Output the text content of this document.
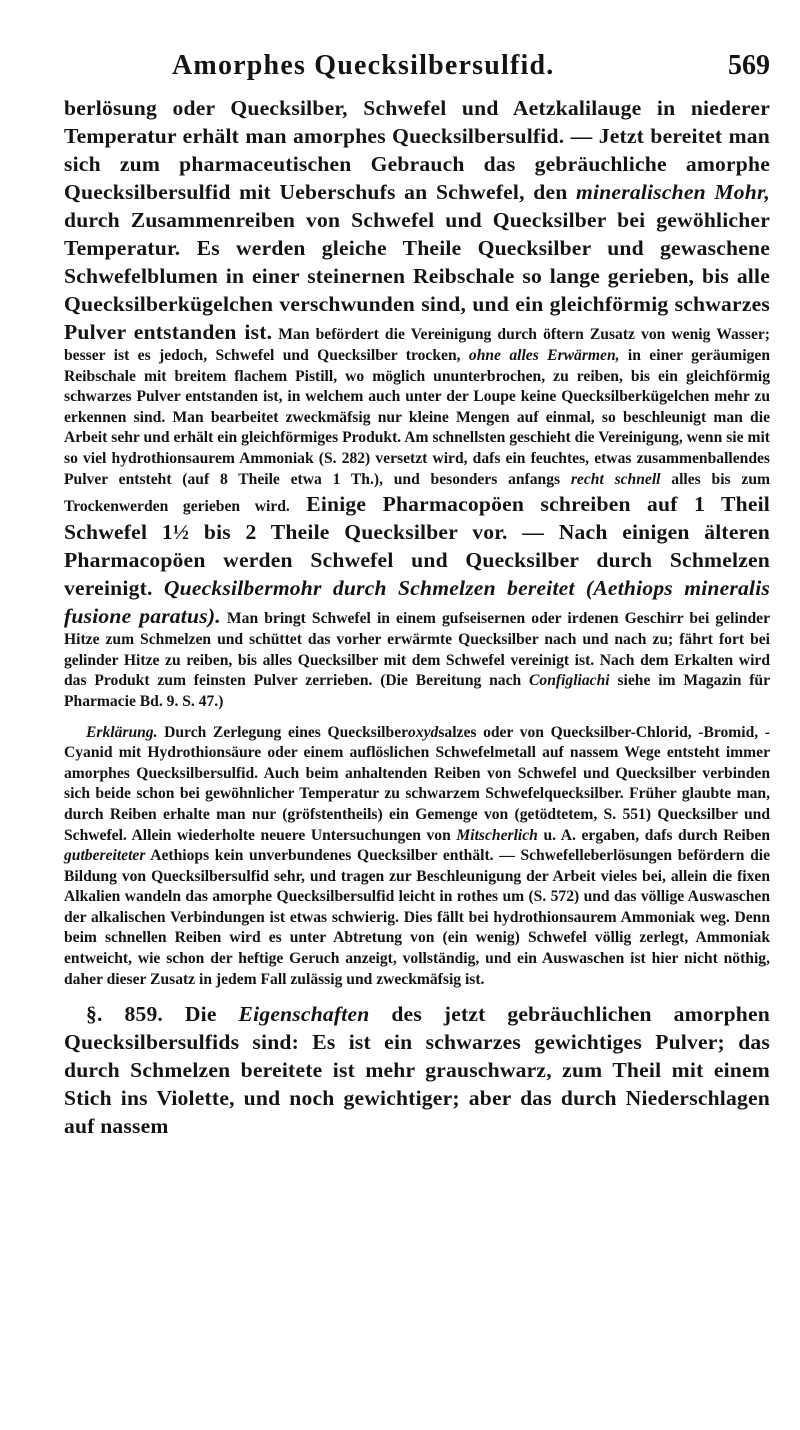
Amorphes Quecksilbersulfid.	569

berlösung oder Quecksilber, Schwefel und Aetzkalilauge in niederer Temperatur erhält man amorphes Quecksilbersulfid. — Jetzt bereitet man sich zum pharmaceutischen Gebrauch das gebräuchliche amorphe Quecksilbersulfid mit Ueberschufs an Schwefel, den mineralischen Mohr, durch Zusammenreiben von Schwefel und Quecksilber bei gewöhlicher Temperatur. Es werden gleiche Theile Quecksilber und gewaschene Schwefelblumen in einer steinernen Reibschale so lange gerieben, bis alle Quecksilberkügelchen verschwunden sind, und ein gleichförmig schwarzes Pulver entstanden ist. Man befördert die Vereinigung durch öftern Zusatz von wenig Wasser; besser ist es jedoch, Schwefel und Quecksilber trocken, ohne alles Erwärmen, in einer geräumigen Reibschale mit breitem flachem Pistill, wo möglich ununterbrochen, zu reiben, bis ein gleichförmig schwarzes Pulver entstanden ist, in welchem auch unter der Loupe keine Quecksilberkügelchen mehr zu erkennen sind. Man bearbeitet zweckmäfsig nur kleine Mengen auf einmal, so beschleunigt man die Arbeit sehr und erhält ein gleichförmiges Produkt. Am schnellsten geschieht die Vereinigung, wenn sie mit so viel hydrothionsaurem Ammoniak (S. 282) versetzt wird, dafs ein feuchtes, etwas zusammenballendes Pulver entsteht (auf 8 Theile etwa 1 Th.), und besonders anfangs recht schnell alles bis zum Trockenwerden gerieben wird. Einige Pharmacopöen schreiben auf 1 Theil Schwefel 1½ bis 2 Theile Quecksilber vor. — Nach einigen älteren Pharmacopöen werden Schwefel und Quecksilber durch Schmelzen vereinigt. Quecksilbermohr durch Schmelzen bereitet (Aethiops mineralis fusione paratus). Man bringt Schwefel in einem gufseisernen oder irdenen Geschirr bei gelinder Hitze zum Schmelzen und schüttet das vorher erwärmte Quecksilber nach und nach zu; fährt fort bei gelinder Hitze zu reiben, bis alles Quecksilber mit dem Schwefel vereinigt ist. Nach dem Erkalten wird das Produkt zum feinsten Pulver zerrieben. (Die Bereitung nach Configliachi siehe im Magazin für Pharmacie Bd. 9. S. 47.)

Erklärung. Durch Zerlegung eines Quecksilberoxydsalzes oder von Quecksilber-Chlorid, -Bromid, -Cyanid mit Hydrothionsäure oder einem auflöslichen Schwefelmetall auf nassem Wege entsteht immer amorphes Quecksilbersulfid. Auch beim anhaltenden Reiben von Schwefel und Quecksilber verbinden sich beide schon bei gewöhnlicher Temperatur zu schwarzem Schwefelquecksilber. Früher glaubte man, durch Reiben erhalte man nur (gröfstentheils) ein Gemenge von (getödtetem, S. 551) Quecksilber und Schwefel. Allein wiederholte neuere Untersuchungen von Mitscherlich u. A. ergaben, dafs durch Reiben gutbereiteter Aethiops kein unverbundenes Quecksilber enthält. — Schwefelleberlösungen befördern die Bildung von Quecksilbersulfid sehr, und tragen zur Beschleunigung der Arbeit vieles bei, allein die fixen Alkalien wandeln das amorphe Quecksilbersulfid leicht in rothes um (S. 572) und das völlige Auswaschen der alkalischen Verbindungen ist etwas schwierig. Dies fällt bei hydrothionsaurem Ammoniak weg. Denn beim schnellen Reiben wird es unter Abtretung von (ein wenig) Schwefel völlig zerlegt, Ammoniak entweicht, wie schon der heftige Geruch anzeigt, vollständig, und ein Auswaschen ist hier nicht nöthig, daher dieser Zusatz in jedem Fall zulässig und zweckmäfsig ist.

§. 859. Die Eigenschaften des jetzt gebräuchlichen amorphen Quecksilbersulfids sind: Es ist ein schwarzes gewichtiges Pulver; das durch Schmelzen bereitete ist mehr grauschwarz, zum Theil mit einem Stich ins Violette, und noch gewichtiger; aber das durch Niederschlagen auf nassem
